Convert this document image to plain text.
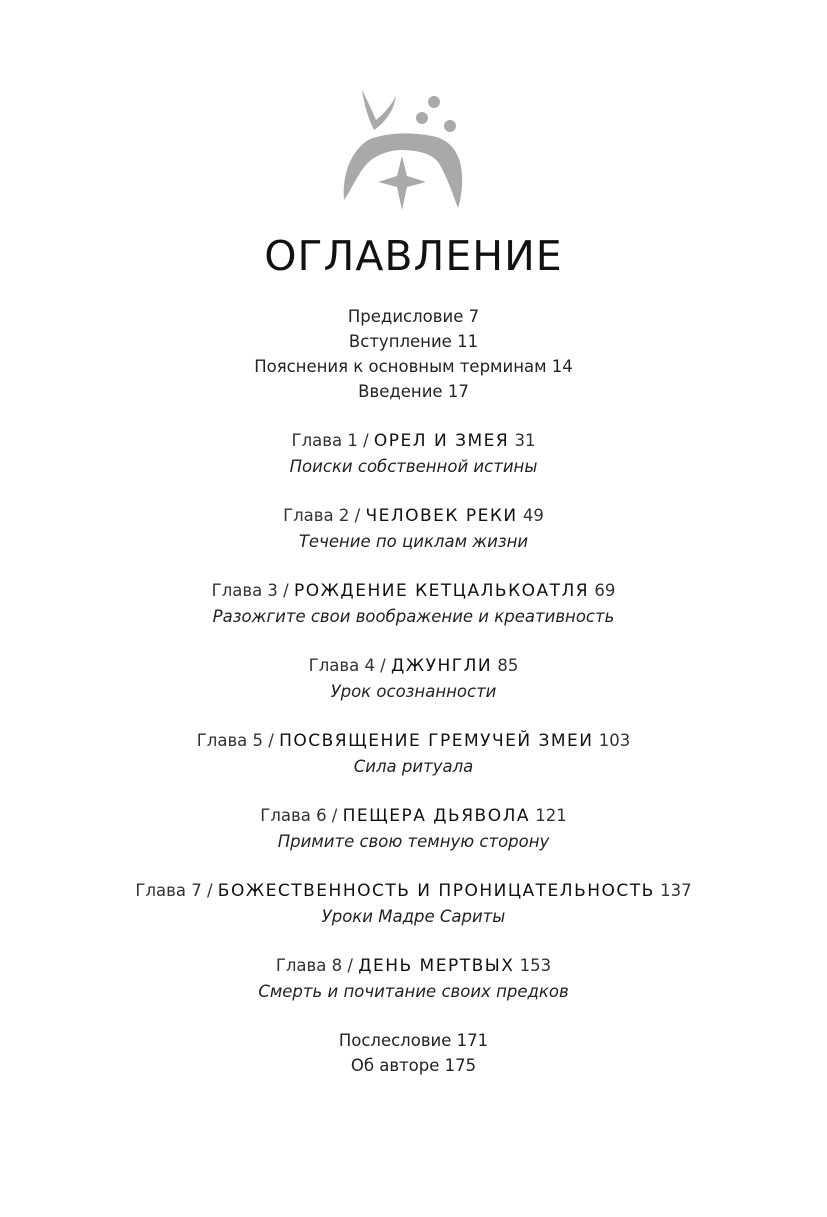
ОГЛАВЛЕНИЕ
Предисловие 7
Вступление 11
Пояснения к основным терминам 14
Введение 17
Глава 1 / ОРЕЛ И ЗМЕЯ 31
Поиски собственной истины
Глава 2 / ЧЕЛОВЕК РЕКИ 49
Течение по циклам жизни
Глава 3 / РОЖДЕНИЕ КЕТЦАЛЬКОАТЛЯ 69
Разожгите свои воображение и креативность
Глава 4 / ДЖУНГЛИ 85
Урок осознанности
Глава 5 / ПОСВЯЩЕНИЕ ГРЕМУЧЕЙ ЗМЕИ 103
Сила ритуала
Глава 6 / ПЕЩЕРА ДЬЯВОЛА 121
Примите свою темную сторону
Глава 7 / БОЖЕСТВЕННОСТЬ И ПРОНИЦАТЕЛЬНОСТЬ 137
Уроки Мадре Сариты
Глава 8 / ДЕНЬ МЕРТВЫХ 153
Смерть и почитание своих предков
Послесловие 171
Об авторе 175
